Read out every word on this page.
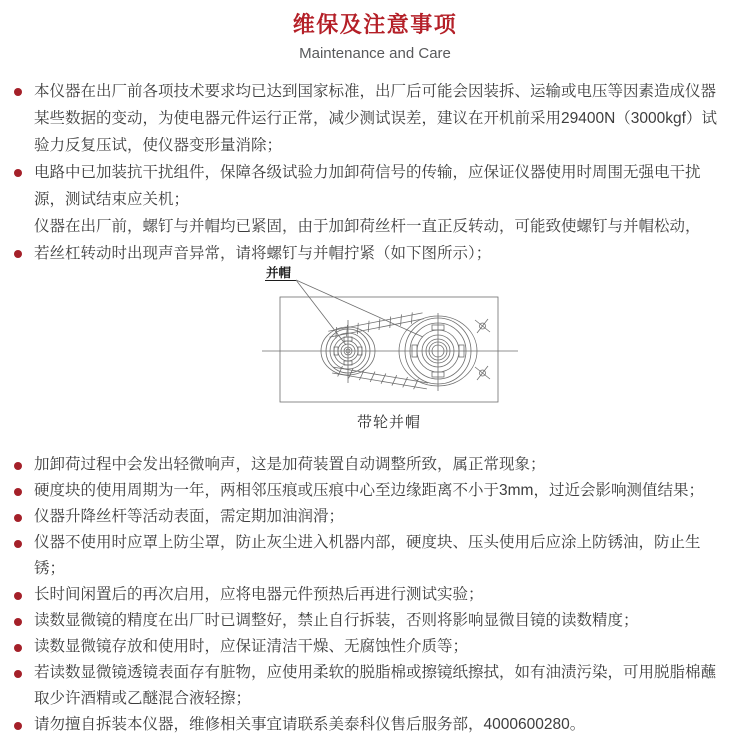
维保及注意事项
Maintenance and Care
本仪器在出厂前各项技术要求均已达到国家标准，出厂后可能会因装拆、运输或电压等因素造成仪器某些数据的变动，为使电器元件运行正常，减少测试误差，建议在开机前采用29400N（3000kgf）试验力反复压试，使仪器变形量消除；
电路中已加装抗干扰组件，保障各级试验力加卸荷信号的传输，应保证仪器使用时周围无强电干扰源，测试结束应关机；
仪器在出厂前，螺钉与并帽均已紧固，由于加卸荷丝杆一直正反转动，可能致使螺钉与并帽松动，
若丝杠转动时出现声音异常，请将螺钉与并帽拧紧（如下图所示）；
并帽
带轮并帽
加卸荷过程中会发出轻微响声，这是加荷装置自动调整所致，属正常现象；
硬度块的使用周期为一年，两相邻压痕或压痕中心至边缘距离不小于3mm，过近会影响测值结果；
仪器升降丝杆等活动表面，需定期加油润滑；
仪器不使用时应罩上防尘罩，防止灰尘进入机器内部，硬度块、压头使用后应涂上防锈油，防止生锈；
长时间闲置后的再次启用，应将电器元件预热后再进行测试实验；
读数显微镜的精度在出厂时已调整好，禁止自行拆装，否则将影响显微目镜的读数精度；
读数显微镜存放和使用时，应保证清洁干燥、无腐蚀性介质等；
若读数显微镜透镜表面存有脏物，应使用柔软的脱脂棉或擦镜纸擦拭，如有油渍污染，可用脱脂棉蘸取少许酒精或乙醚混合液轻擦；
请勿擅自拆装本仪器，维修相关事宜请联系美泰科仪售后服务部，4000600280。
